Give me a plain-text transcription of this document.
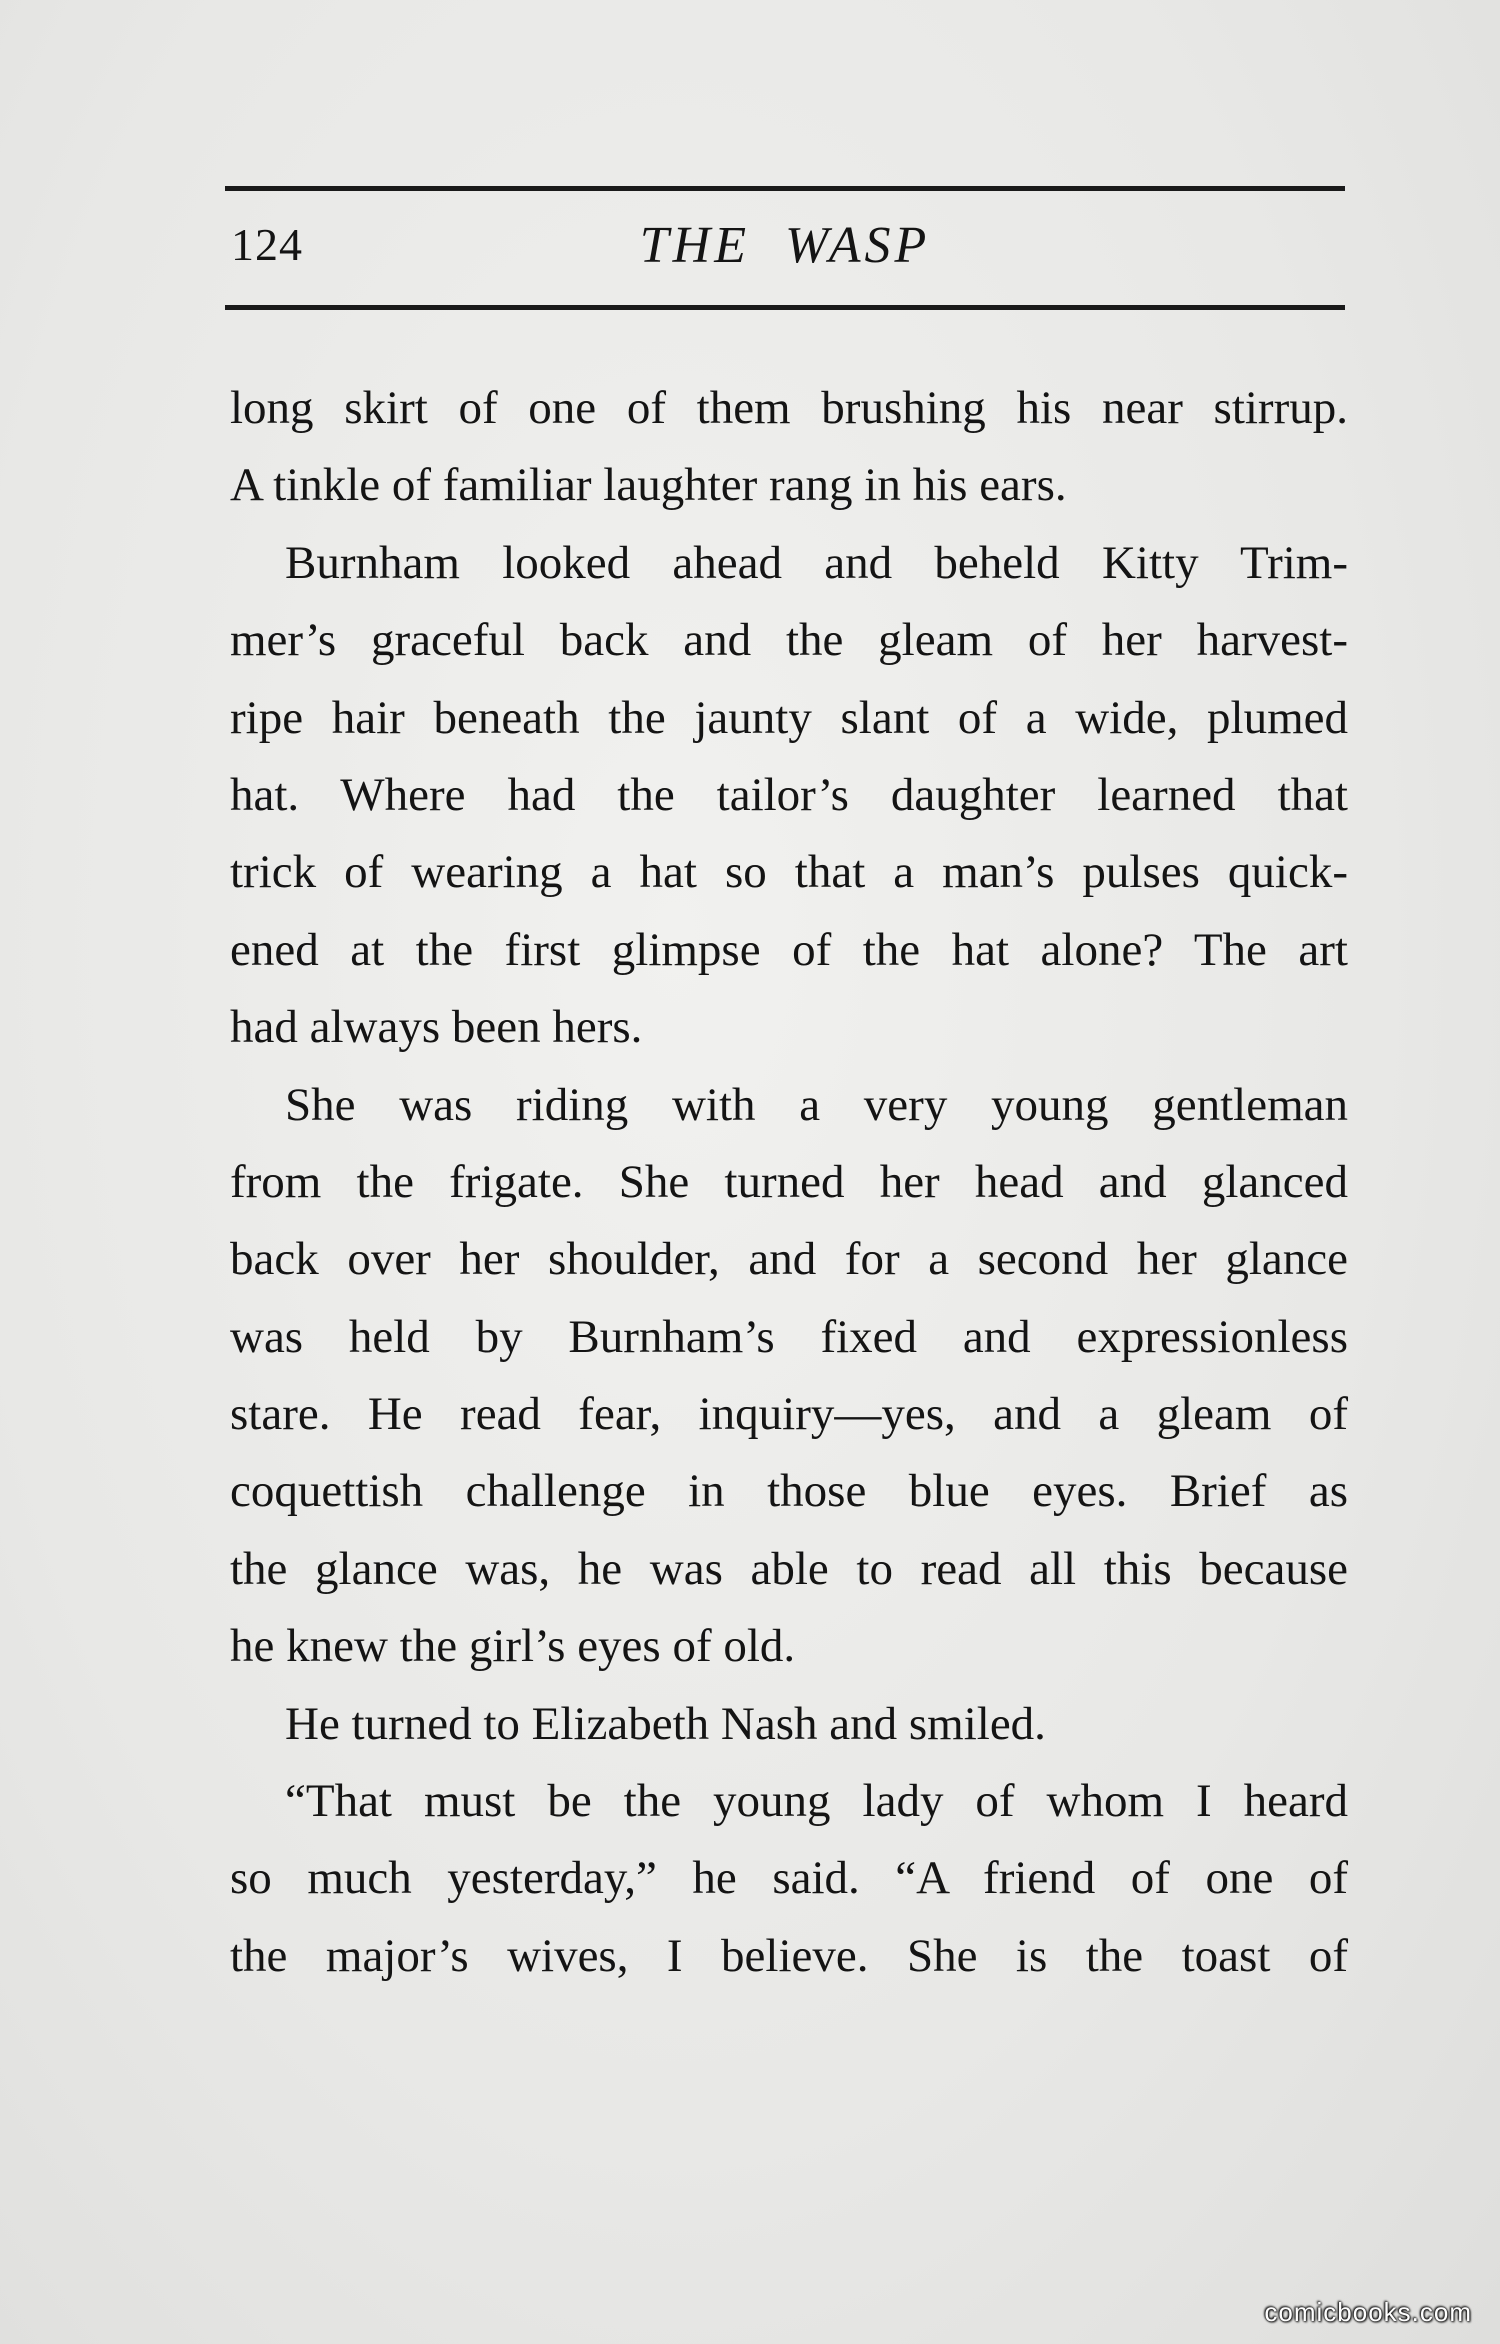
124	THE WASP
long skirt of one of them brushing his near stirrup.
A tinkle of familiar laughter rang in his ears.
Burnham looked ahead and beheld Kitty Trim-
mer’s graceful back and the gleam of her harvest-
ripe hair beneath the jaunty slant of a wide, plumed
hat. Where had the tailor’s daughter learned that
trick of wearing a hat so that a man’s pulses quick-
ened at the first glimpse of the hat alone? The art
had always been hers.
She was riding with a very young gentleman
from the frigate. She turned her head and glanced
back over her shoulder, and for a second her glance
was held by Burnham’s fixed and expressionless
stare. He read fear, inquiry—yes, and a gleam of
coquettish challenge in those blue eyes. Brief as
the glance was, he was able to read all this because
he knew the girl’s eyes of old.
He turned to Elizabeth Nash and smiled.
“That must be the young lady of whom I heard
so much yesterday,” he said. “A friend of one of
the major’s wives, I believe. She is the toast of
comicbooks.com
